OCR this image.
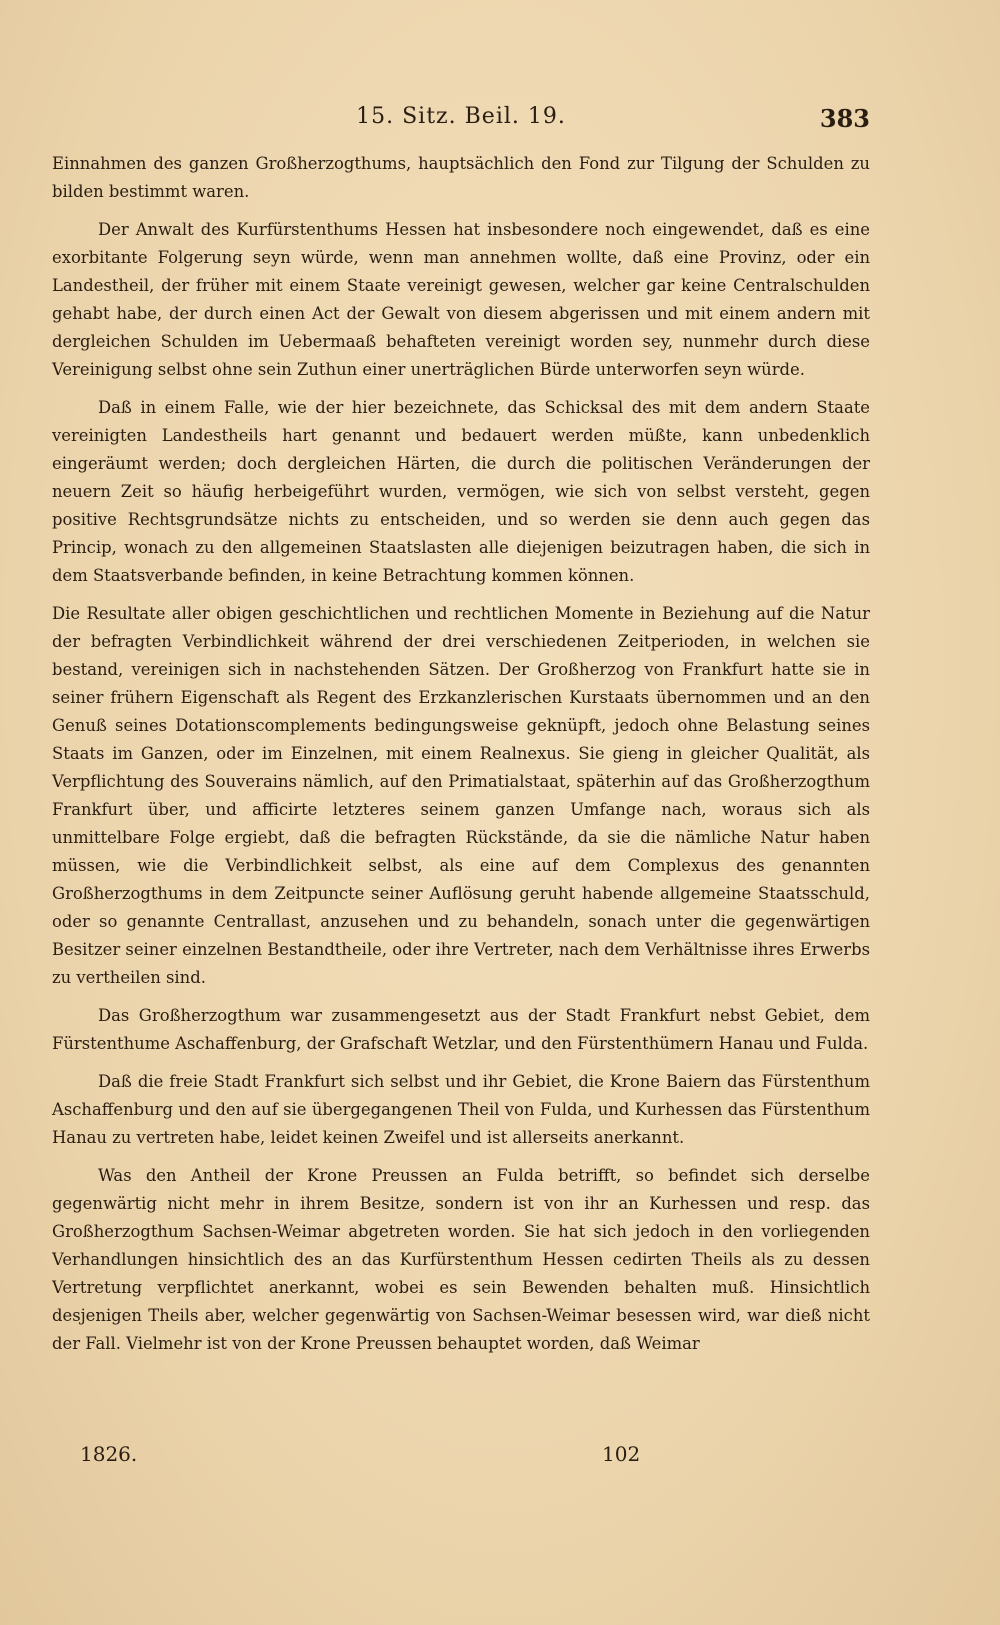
15. Sitz. Beil. 19.	383

Einnahmen des ganzen Großherzogthums, hauptsächlich den Fond zur Tilgung der Schulden zu bilden bestimmt waren.

Der Anwalt des Kurfürstenthums Hessen hat insbesondere noch eingewendet, daß es eine exorbitante Folgerung seyn würde, wenn man annehmen wollte, daß eine Provinz, oder ein Landestheil, der früher mit einem Staate vereinigt gewesen, welcher gar keine Centralschulden gehabt habe, der durch einen Act der Gewalt von diesem abgerissen und mit einem andern mit dergleichen Schulden im Uebermaaß behafteten vereinigt worden sey, nunmehr durch diese Vereinigung selbst ohne sein Zuthun einer unerträglichen Bürde unterworfen seyn würde.

Daß in einem Falle, wie der hier bezeichnete, das Schicksal des mit dem andern Staate vereinigten Landestheils hart genannt und bedauert werden müßte, kann unbedenklich eingeräumt werden; doch dergleichen Härten, die durch die politischen Veränderungen der neuern Zeit so häufig herbeigeführt wurden, vermögen, wie sich von selbst versteht, gegen positive Rechtsgrundsätze nichts zu entscheiden, und so werden sie denn auch gegen das Princip, wonach zu den allgemeinen Staatslasten alle diejenigen beizutragen haben, die sich in dem Staatsverbande befinden, in keine Betrachtung kommen können.

Die Resultate aller obigen geschichtlichen und rechtlichen Momente in Beziehung auf die Natur der befragten Verbindlichkeit während der drei verschiedenen Zeitperioden, in welchen sie bestand, vereinigen sich in nachstehenden Sätzen. Der Großherzog von Frankfurt hatte sie in seiner frühern Eigenschaft als Regent des Erzkanzlerischen Kurstaats übernommen und an den Genuß seines Dotationscomplements bedingungsweise geknüpft, jedoch ohne Belastung seines Staats im Ganzen, oder im Einzelnen, mit einem Realnexus. Sie gieng in gleicher Qualität, als Verpflichtung des Souverains nämlich, auf den Primatialstaat, späterhin auf das Großherzogthum Frankfurt über, und afficirte letzteres seinem ganzen Umfange nach, woraus sich als unmittelbare Folge ergiebt, daß die befragten Rückstände, da sie die nämliche Natur haben müssen, wie die Verbindlichkeit selbst, als eine auf dem Complexus des genannten Großherzogthums in dem Zeitpuncte seiner Auflösung geruht habende allgemeine Staatsschuld, oder so genannte Centrallast, anzusehen und zu behandeln, sonach unter die gegenwärtigen Besitzer seiner einzelnen Bestandtheile, oder ihre Vertreter, nach dem Verhältnisse ihres Erwerbs zu vertheilen sind.

Das Großherzogthum war zusammengesetzt aus der Stadt Frankfurt nebst Gebiet, dem Fürstenthume Aschaffenburg, der Grafschaft Wetzlar, und den Fürstenthümern Hanau und Fulda.

Daß die freie Stadt Frankfurt sich selbst und ihr Gebiet, die Krone Baiern das Fürstenthum Aschaffenburg und den auf sie übergegangenen Theil von Fulda, und Kurhessen das Fürstenthum Hanau zu vertreten habe, leidet keinen Zweifel und ist allerseits anerkannt.

Was den Antheil der Krone Preussen an Fulda betrifft, so befindet sich derselbe gegenwärtig nicht mehr in ihrem Besitze, sondern ist von ihr an Kurhessen und resp. das Großherzogthum Sachsen-Weimar abgetreten worden. Sie hat sich jedoch in den vorliegenden Verhandlungen hinsichtlich des an das Kurfürstenthum Hessen cedirten Theils als zu dessen Vertretung verpflichtet anerkannt, wobei es sein Bewenden behalten muß. Hinsichtlich desjenigen Theils aber, welcher gegenwärtig von Sachsen-Weimar besessen wird, war dieß nicht der Fall. Vielmehr ist von der Krone Preussen behauptet worden, daß Weimar

1826.	102
